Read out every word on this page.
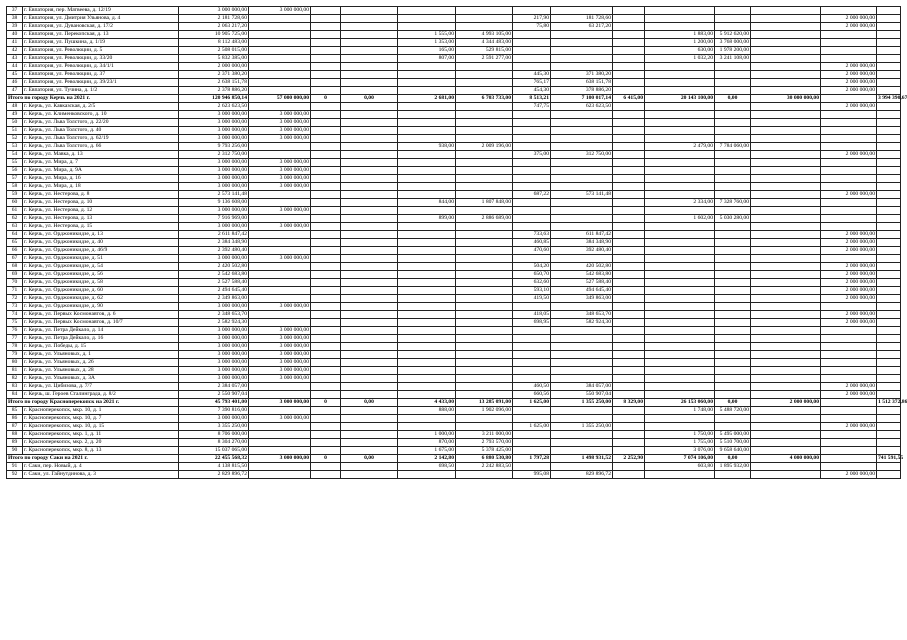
37	г. Евпатория, пер. Матвеева, д. 12/19	3 000 000,00	3 000 000,00													
38	г. Евпатория, ул. Дмитрия Ульянова, д. 4	2 181 728,60						217,90	181 728,60					2 000 000,00		
39	г. Евпатория, ул. Дувановская, д. 17/2	2 063 217,20						75,80	63 217,20					2 000 000,00		
40	г. Евпатория, ул. Перекопская, д. 13	10 905 725,00				1 555,00	4 993 105,00				1 883,00	5 912 620,00				
41	г. Евпатория, ул. Пушкина, д. 1/19	8 112 483,00				1 353,00	4 344 483,00				1 200,00	3 768 000,00				
42	г. Евпатория, ул. Революции, д. 5	2 508 015,00				165,00	529 815,00				630,00	1 978 200,00				
43	г. Евпатория, ул. Революции, д. 33/20	5 832 385,00				807,00	2 591 277,00				1 032,20	3 241 108,00				
44	г. Евпатория, ул. Революции, д. 34/1/1	2 000 000,00												2 000 000,00		
45	г. Евпатория, ул. Революции, д. 37	2 371 380,20						445,30	371 380,20					2 000 000,00		
46	г. Евпатория, ул. Революции, д. 39/23/1	2 638 151,78						765,17	638 151,78					2 000 000,00		
47	г. Евпатория, ул. Тучина, д. 1/2	2 378 886,20						454,30	378 886,20					2 000 000,00		
Итого по городу Керчь на 2021 г.		120 946 850,14	57 000 000,00	0	0,00	2 681,00	6 703 733,00	8 513,21	7 100 017,14	6 415,00	20 143 100,00	0,00	30 000 000,00		3 994 390,67	
48	г. Керчь, ул. Кавказская, д. 2/5	2 623 623,50						747,75	623 623,50					2 000 000,00		
49	г. Керчь, ул. Клименковского, д. 10	3 000 000,00	3 000 000,00													
50	г. Керчь, ул. Льва Толстого, д. 22/20	3 000 000,00	3 000 000,00													
51	г. Керчь, ул. Льва Толстого, д. 40	3 000 000,00	3 000 000,00													
52	г. Керчь, ул. Льва Толстого, д. 62/19	3 000 000,00	3 000 000,00													
53	г. Керчь, ул. Льва Толстого, д. 66	9 793 256,00				938,00	2 009 196,00				2 479,00	7 784 060,00				
54	г. Керчь, ул. Мавка, д. 13	2 312 750,00						375,00	312 750,00					2 000 000,00		
55	г. Керчь, ул. Мира, д. 7	3 000 000,00	3 000 000,00													
56	г. Керчь, ул. Мира, д. 9А	3 000 000,00	3 000 000,00													
57	г. Керчь, ул. Мира, д. 16	3 000 000,00	3 000 000,00													
58	г. Керчь, ул. Мира, д. 18	3 000 000,00	3 000 000,00													
59	г. Керчь, ул. Нестерова, д. 8	2 573 141,48						687,22	573 141,48					2 000 000,00		
60	г. Керчь, ул. Нестерова, д. 10	9 136 608,00				844,00	1 807 848,00				2 334,00	7 328 760,00				
61	г. Керчь, ул. Нестерова, д. 12	3 000 000,00	3 000 000,00													
62	г. Керчь, ул. Нестерова, д. 13	7 916 969,00				899,00	2 886 689,00				1 602,00	5 030 280,00				
63	г. Керчь, ул. Нестерова, д. 15	3 000 000,00	3 000 000,00													
64	г. Керчь, ул. Орджоникидзе, д. 13	2 611 847,42						733,63	611 847,42					2 000 000,00		
65	г. Керчь, ул. Орджоникидзе, д. 40	2 384 348,90						460,85	384 348,90					2 000 000,00		
66	г. Керчь, ул. Орджоникидзе, д. 46/9	2 392 480,40						470,60	392 480,40					2 000 000,00		
67	г. Керчь, ул. Орджоникидзе, д. 51	3 000 000,00	3 000 000,00													
68	г. Керчь, ул. Орджоникидзе, д. 54	2 420 502,80						504,20	420 502,80					2 000 000,00		
69	г. Керчь, ул. Орджоникидзе, д. 56	2 542 683,80						650,70	542 683,80					2 000 000,00		
70	г. Керчь, ул. Орджоникидзе, д. 58	2 527 588,40						632,60	527 588,40					2 000 000,00		
71	г. Керчь, ул. Орджоникидзе, д. 60	2 494 645,40						593,10	494 645,40					2 000 000,00		
72	г. Керчь, ул. Орджоникидзе, д. 62	2 349 863,00						419,50	349 863,00					2 000 000,00		
73	г. Керчь, ул. Орджоникидзе, д. 90	3 000 000,00	3 000 000,00													
74	г. Керчь, ул. Первых Космонавтов, д. 6	2 348 653,70						418,05	348 653,70					2 000 000,00		
75	г. Керчь, ул. Первых Космонавтов, д. 10/7	2 582 924,30						698,95	582 924,30					2 000 000,00		
76	г. Керчь, ул. Петра Дейкало, д. 14	3 000 000,00	3 000 000,00													
77	г. Керчь, ул. Петра Дейкало, д. 16	3 000 000,00	3 000 000,00													
78	г. Керчь, ул. Победы, д. 15	3 000 000,00	3 000 000,00													
79	г. Керчь, ул. Ульяновых, д. 1	3 000 000,00	3 000 000,00													
80	г. Керчь, ул. Ульяновых, д. 26	3 000 000,00	3 000 000,00													
81	г. Керчь, ул. Ульяновых, д. 28	3 000 000,00	3 000 000,00													
82	г. Керчь, ул. Ульяновых, д. 3А	3 000 000,00	3 000 000,00													
83	г. Керчь, ул. Цибизова, д. 7/7	2 384 057,00						460,50	384 057,00					2 000 000,00		
84	г. Керчь, ш. Героев Сталинграда, д. 8/2	2 550 907,04						660,56	550 907,04					2 000 000,00		
Итого по городу Красноперекопск на 2021 г.		45 793 401,00	3 000 000,00	0	0,00	4 433,00	13 285 091,00	1 625,00	1 355 250,00	8 329,00	26 153 060,00	0,00	2 000 000,00		1 512 372,86	
85	г. Красноперекопск, мкр. 10, д. 1	7 390 816,00				888,00	1 902 096,00				1 748,00	5 488 720,00				
86	г. Красноперекопск, мкр. 10, д. 7	3 000 000,00	3 000 000,00													
87	г. Красноперекопск, мкр. 10, д. 15	3 355 250,00						1 625,00	1 355 250,00					2 000 000,00		
88	г. Красноперекопск, мкр. 1, д. 11	8 706 000,00				1 000,00	3 211 000,00				1 750,00	5 495 000,00				
89	г. Красноперекопск, мкр. 2, д. 20	8 304 270,00				870,00	2 793 570,00				1 755,00	5 510 700,00				
90	г. Красноперекопск, мкр. 8, д. 13	15 037 065,00				1 675,00	5 378 425,00				3 076,00	9 658 640,00				
Итого по городу Саки на 2021 г.		22 455 568,32	3 000 000,00	0	0,00	2 142,80	6 880 530,80	1 797,28	1 498 931,52	2 252,90	7 074 106,00	0,00	4 000 000,00		741 591,55	
91	г. Саки, пер. Новый, д. 4	4 138 815,50				698,50	2 242 883,50				603,80	1 895 932,00				
92	г. Саки, ул. Гайнутдинова, д. 3	2 829 896,72						995,08	829 896,72					2 000 000,00		
